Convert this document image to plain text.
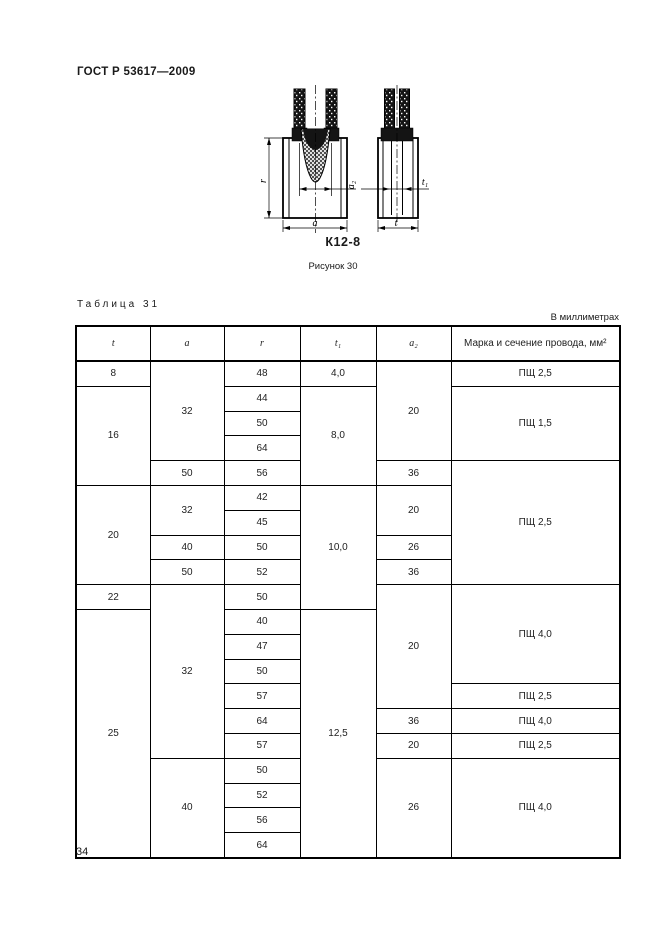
ГОСТ Р 53617—2009
r	a₂
a
t₁
t
К12-8
Рисунок 30
Таблица 31
В миллиметрах
t	a	r	t₁	a₂	Марка и сечение провода, мм²
8	32	48	4,0	20	ПЩ 2,5
16		44	8,0		ПЩ 1,5
		50			
		64			
	50	56		36	ПЩ 2,5
20	32	42	10,0	20	
		45			
	40	50		26	
	50	52		36	
22	32	50		20	ПЩ 4,0
25		40	12,5		
		47			
		50			
		57			ПЩ 2,5
		64		36	ПЩ 4,0
		57		20	ПЩ 2,5
	40	50		26	ПЩ 4,0
		52			
		56			
		64			
34
